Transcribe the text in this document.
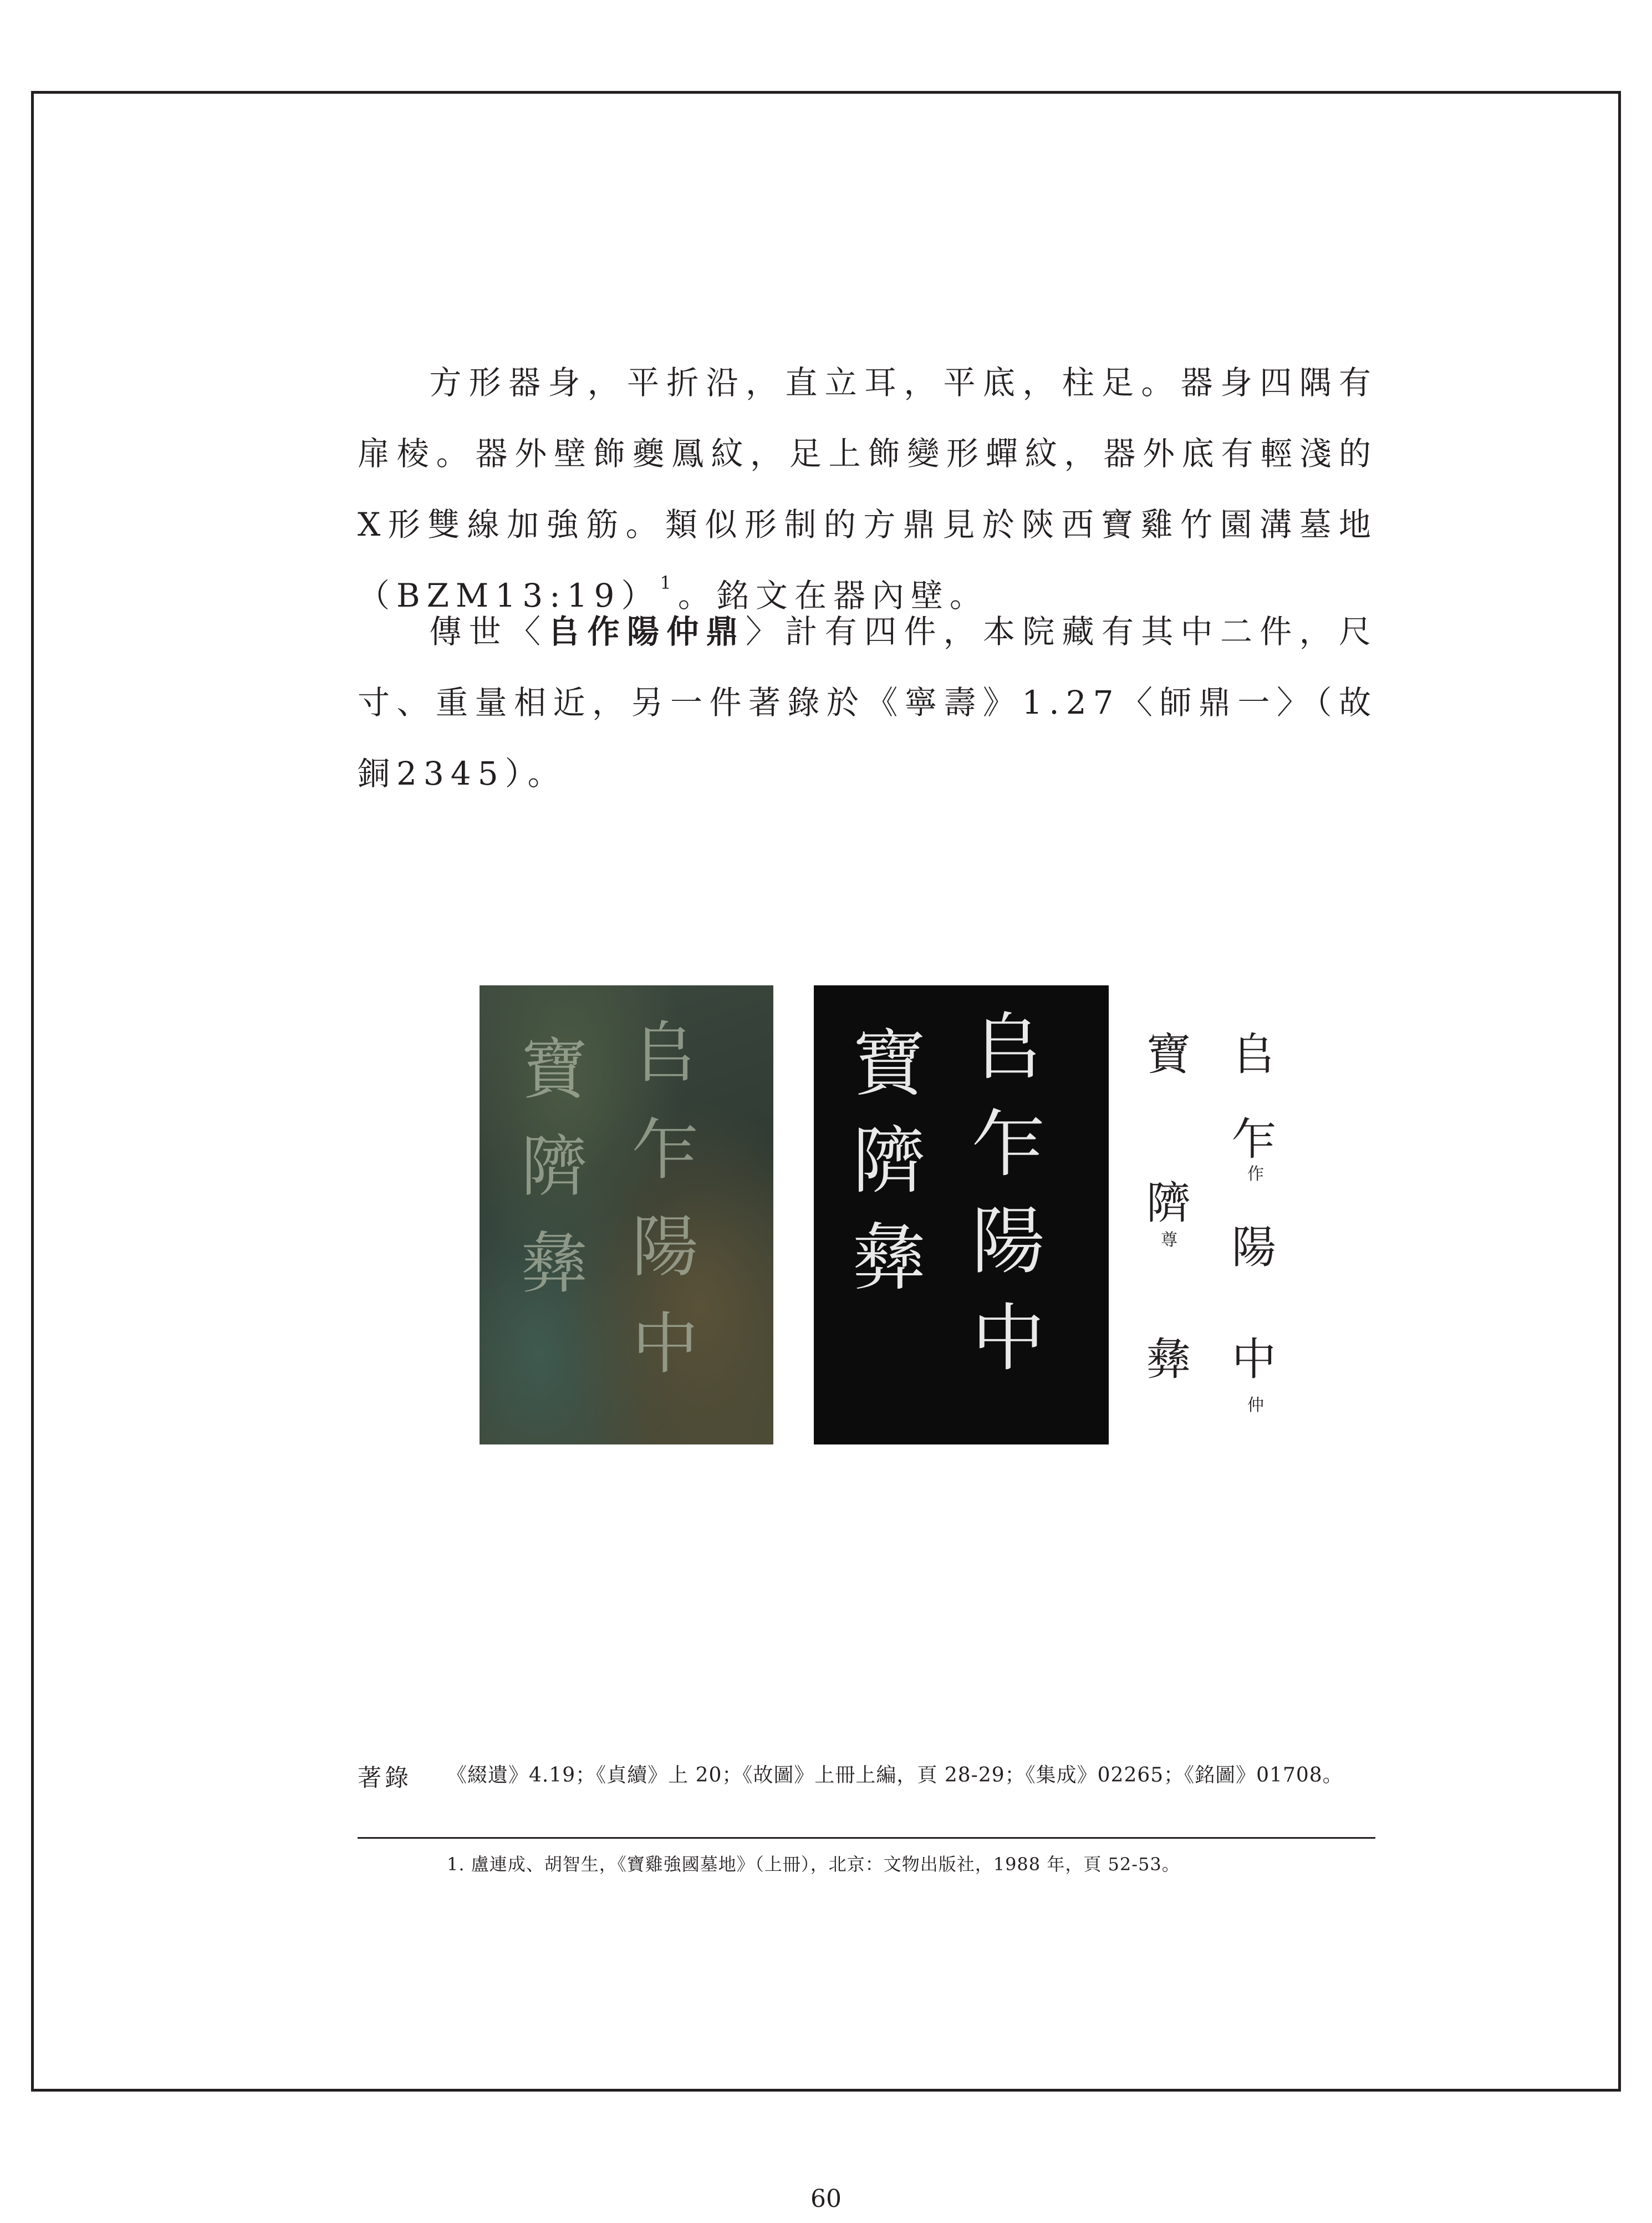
方形器身，平折沿，直立耳，平底，柱足。器身四隅有扉棱。器外壁飾夔鳳紋，足上飾變形蟬紋，器外底有輕淺的X形雙線加強筋。類似形制的方鼎見於陝西寶雞竹園溝墓地（BZM13:19）$^1$。銘文在器內壁。

傳世〈𠂤作陽仲鼎〉計有四件，本院藏有其中二件，尺寸、重量相近，另一件著錄於《寧壽》1.27〈師鼎一〉（故銅2345）。

𠂤
乍
陽
中
寶
隮
彝
𠂤
乍
陽
中
寶
隮
彝
𠂤
乍
作
陽
中
仲
寶
隮
尊
彝
著錄 《綴遺》4.19；《貞續》上 20；《故圖》上冊上編，頁 28-29；《集成》02265；《銘圖》01708。
1. 盧連成、胡智生，《寶雞強國墓地》（上冊），北京：文物出版社，1988 年，頁 52-53。
60
